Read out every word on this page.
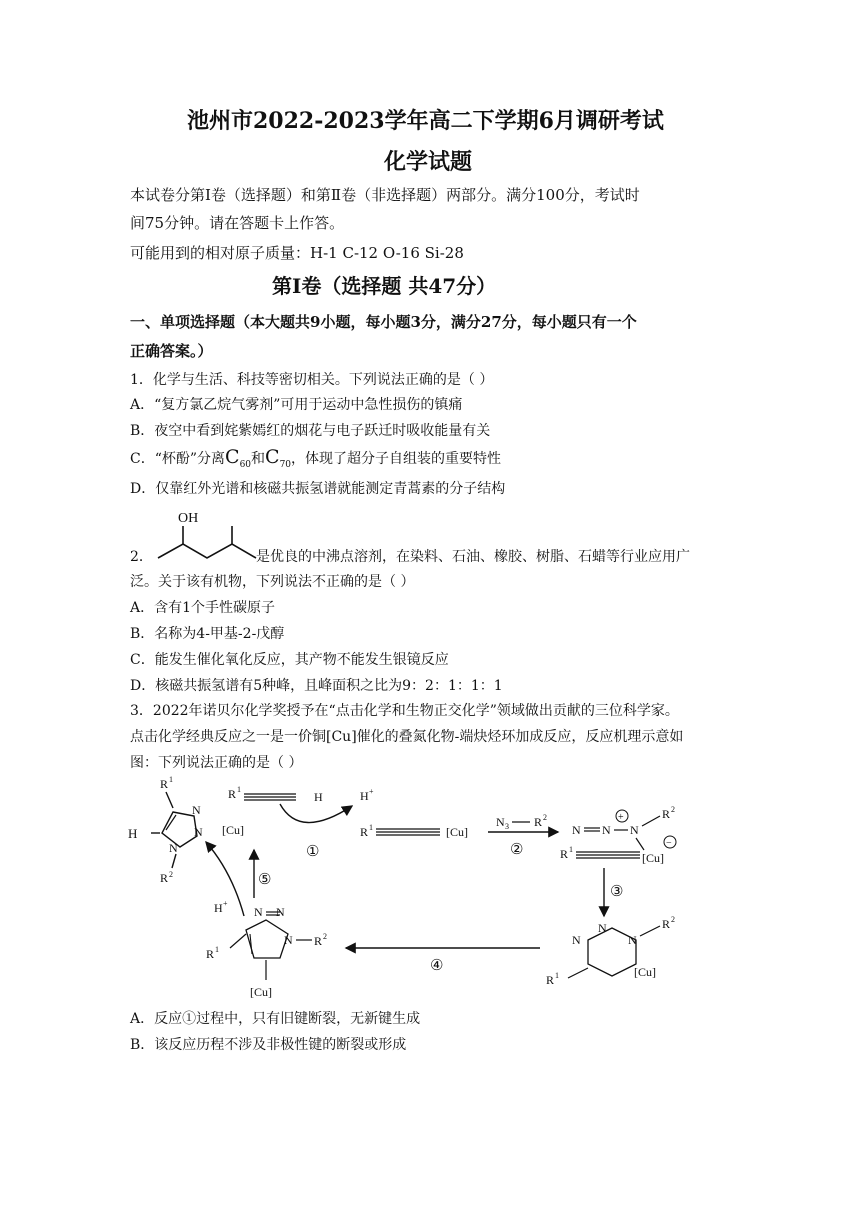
池州市2022-2023学年高二下学期6月调研考试
化学试题
本试卷分第Ⅰ卷（选择题）和第Ⅱ卷（非选择题）两部分。满分100分，考试时
间75分钟。请在答题卡上作答。
可能用到的相对原子质量：H-1 C-12 O-16 Si-28
第Ⅰ卷（选择题 共47分）
一、单项选择题（本大题共9小题，每小题3分，满分27分，每小题只有一个
正确答案。）
1．化学与生活、科技等密切相关。下列说法正确的是（ ）
A．“复方氯乙烷气雾剂”可用于运动中急性损伤的镇痛
B．夜空中看到姹紫嫣红的烟花与电子跃迁时吸收能量有关
C．“杯酚”分离$C_{60}$和$C_{70}$，体现了超分子自组装的重要特性
D．仅靠红外光谱和核磁共振氢谱就能测定青蒿素的分子结构
2．
OH
是优良的中沸点溶剂，在染料、石油、橡胶、树脂、石蜡等行业应用广
泛。关于该有机物，下列说法不正确的是（ ）
A．含有1个手性碳原子
B．名称为4-甲基-2-戊醇
C．能发生催化氧化反应，其产物不能发生银镜反应
D．核磁共振氢谱有5种峰，且峰面积之比为9：2：1：1：1
3．2022年诺贝尔化学奖授予在“点击化学和生物正交化学”领域做出贡献的三位科学家。
点击化学经典反应之一是一价铜[Cu]催化的叠氮化物-端炔烃环加成反应，反应机理示意如
图：下列说法正确的是（ ）
R 1
N
N
N
H
R 2
R 1
H
[Cu]
H +
①
R 1	[Cu]
N 3 R 2
②
N N
+
N
R 2
R 1
[Cu]
−
③
N
N
N
R 2
R 1	[Cu]
④
N N
N R 2
R 1
[Cu]
H +
⑤
A．反应①过程中，只有旧键断裂，无新键生成
B．该反应历程不涉及非极性键的断裂或形成
